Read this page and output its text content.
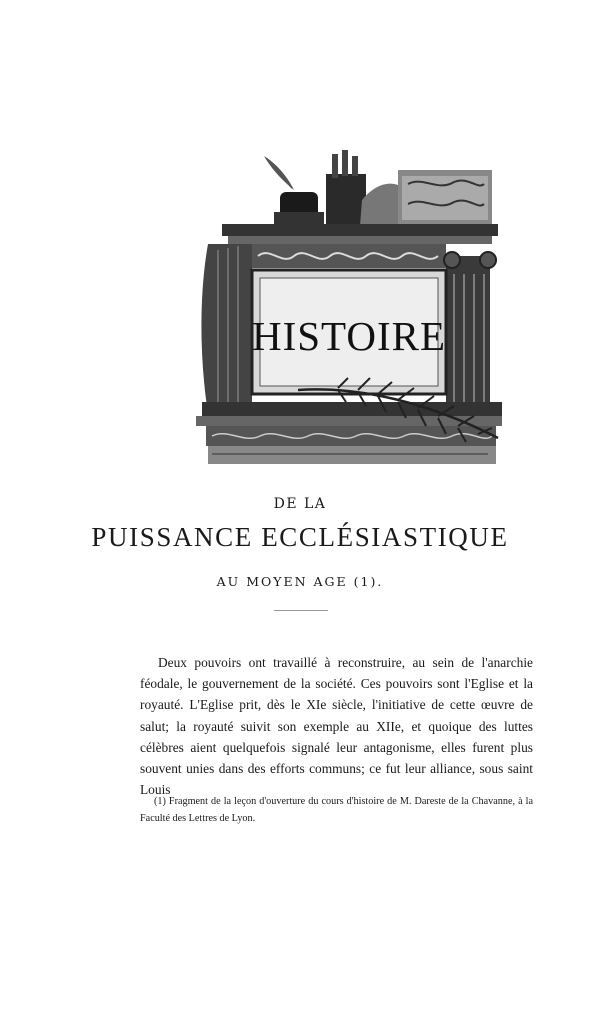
HISTOIRE
DE LA
PUISSANCE ECCLÉSIASTIQUE
AU MOYEN AGE (1).

Deux pouvoirs ont travaillé à reconstruire, au sein de l'anarchie féodale, le gouvernement de la société. Ces pouvoirs sont l'Eglise et la royauté. L'Eglise prit, dès le XIe siècle, l'initiative de cette œuvre de salut; la royauté suivit son exemple au XIIe, et quoique des luttes célèbres aient quelquefois signalé leur antagonisme, elles furent plus souvent unies dans des efforts communs; ce fut leur alliance, sous saint Louis

(1) Fragment de la leçon d'ouverture du cours d'histoire de M. Dareste de la Chavanne, à la Faculté des Lettres de Lyon.
